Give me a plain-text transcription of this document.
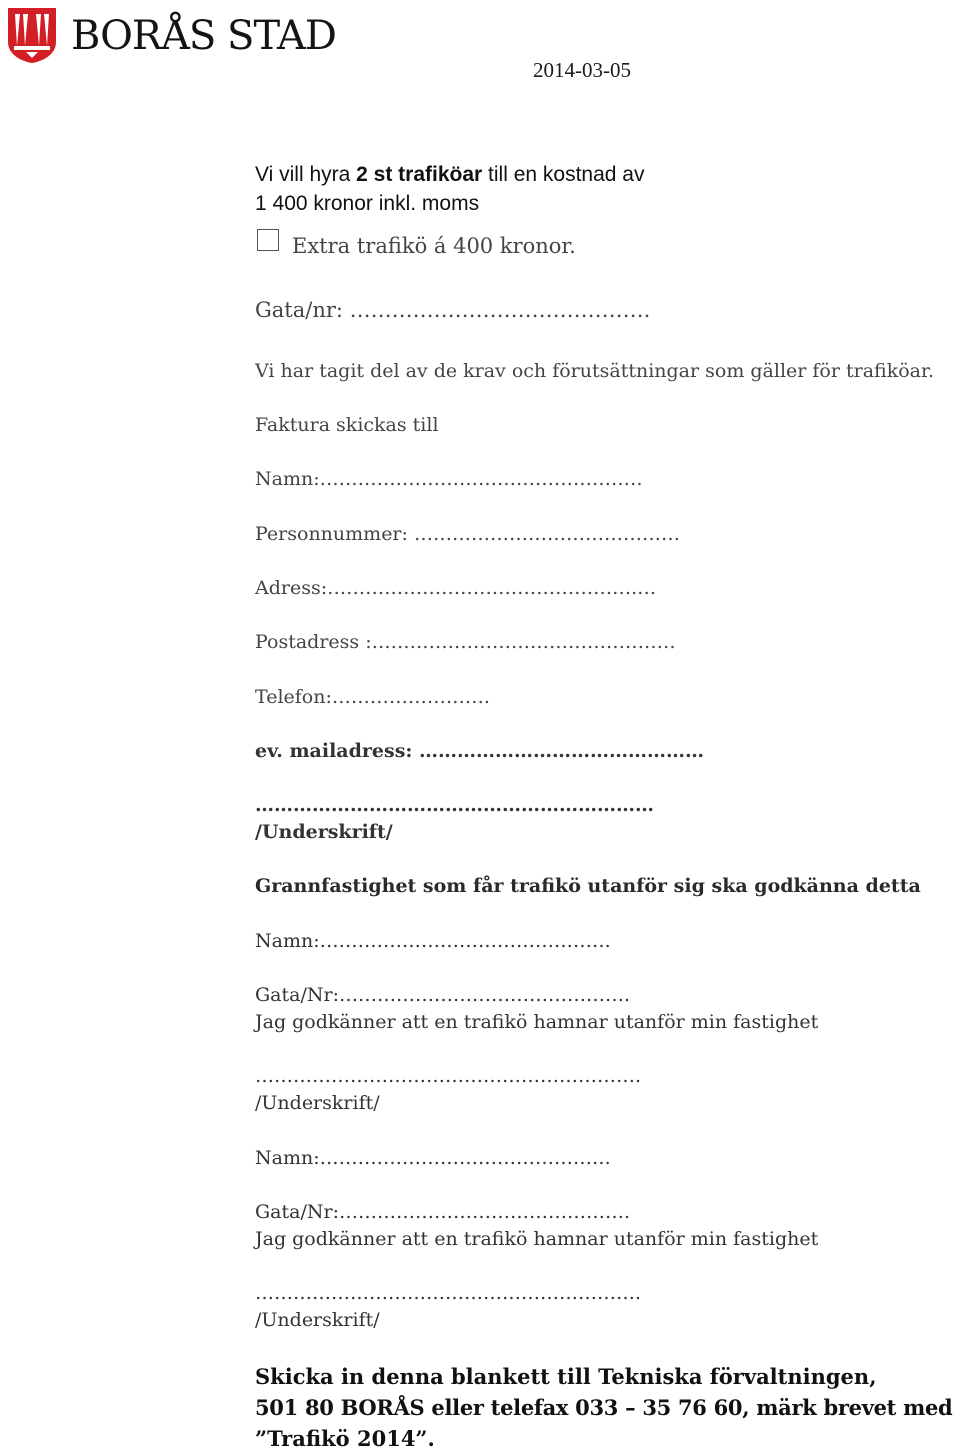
BORÅS STAD
2014-03-05
Vi vill hyra 2 st trafiköar till en kostnad av
1 400 kronor inkl. moms
Extra trafikö á 400 kronor.
Gata/nr: …………………………………….
Vi har tagit del av de krav och förutsättningar som gäller för trafiköar.
Faktura skickas till
Namn:……………………………………………
Personnummer: ……………………………………
Adress:………………………………………….…
Postadress :…………………………………………
Telefon:…………………….
ev. mailadress: ………………………………………
………………………………………………………
/Underskrift/
Grannfastighet som får trafikö utanför sig ska godkänna detta
Namn:……………………………………….
Gata/Nr:……………………………………….
Jag godkänner att en trafikö hamnar utanför min fastighet
…………………………………………………….
/Underskrift/
Namn:……………………………………….
Gata/Nr:……………………………………….
Jag godkänner att en trafikö hamnar utanför min fastighet
…………………………………………………….
/Underskrift/
Skicka in denna blankett till Tekniska förvaltningen,
501 80 BORÅS eller telefax 033 – 35 76 60, märk brevet med
”Trafikö 2014”.
